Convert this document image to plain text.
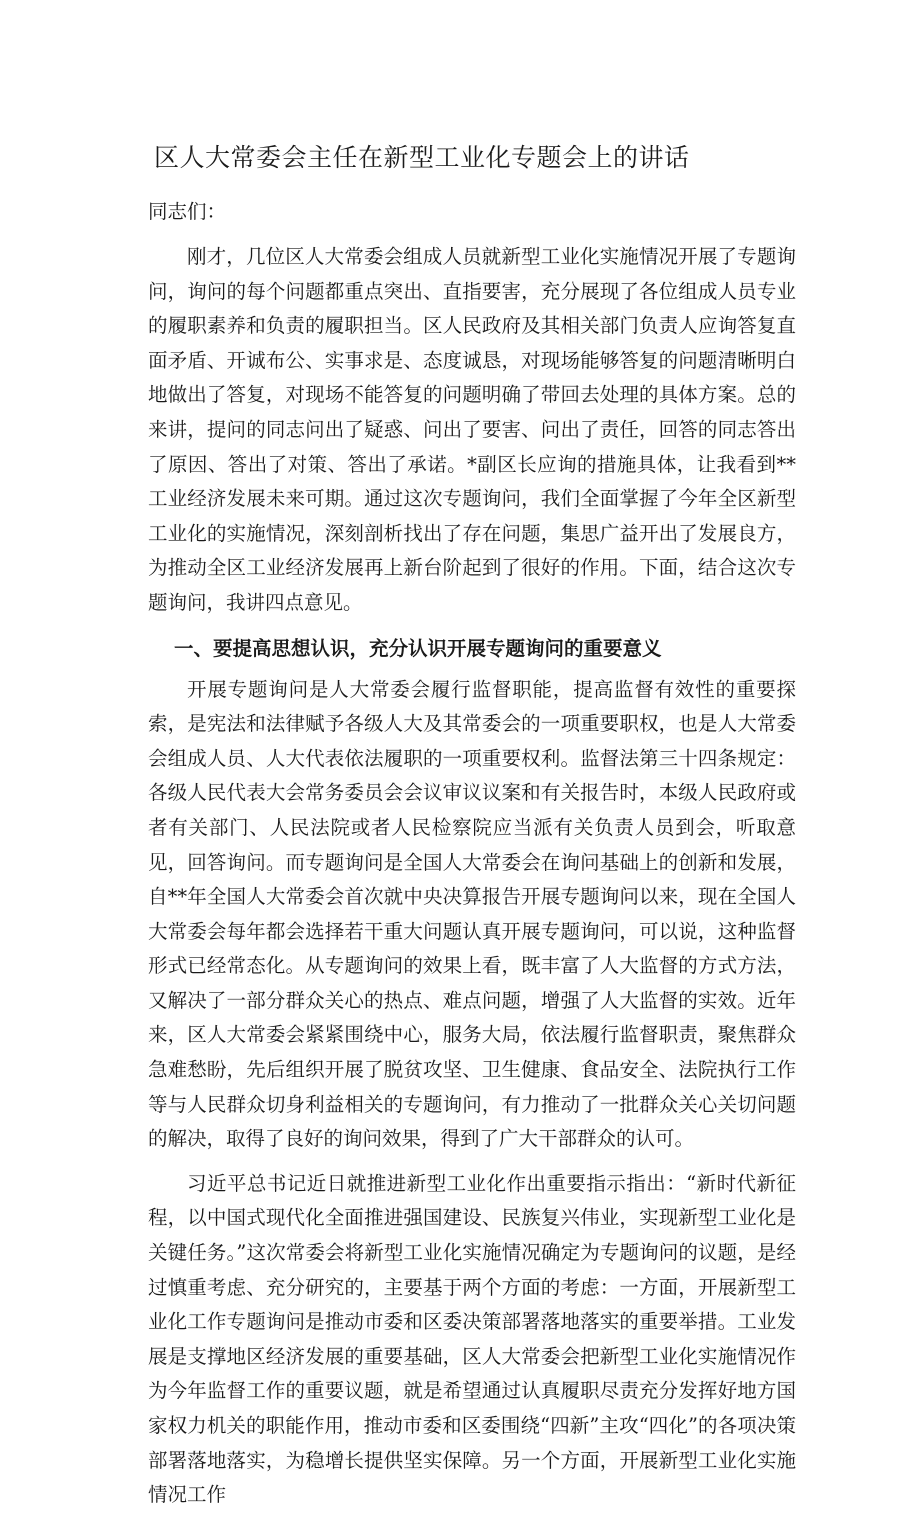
区人大常委会主任在新型工业化专题会上的讲话

同志们：

刚才，几位区人大常委会组成人员就新型工业化实施情况开展了专题询问，询问的每个问题都重点突出、直指要害，充分展现了各位组成人员专业的履职素养和负责的履职担当。区人民政府及其相关部门负责人应询答复直面矛盾、开诚布公、实事求是、态度诚恳，对现场能够答复的问题清晰明白地做出了答复，对现场不能答复的问题明确了带回去处理的具体方案。总的来讲，提问的同志问出了疑惑、问出了要害、问出了责任，回答的同志答出了原因、答出了对策、答出了承诺。*副区长应询的措施具体，让我看到**工业经济发展未来可期。通过这次专题询问，我们全面掌握了今年全区新型工业化的实施情况，深刻剖析找出了存在问题，集思广益开出了发展良方，为推动全区工业经济发展再上新台阶起到了很好的作用。下面，结合这次专题询问，我讲四点意见。

一、要提高思想认识，充分认识开展专题询问的重要意义

开展专题询问是人大常委会履行监督职能，提高监督有效性的重要探索，是宪法和法律赋予各级人大及其常委会的一项重要职权，也是人大常委会组成人员、人大代表依法履职的一项重要权利。监督法第三十四条规定：各级人民代表大会常务委员会会议审议议案和有关报告时，本级人民政府或者有关部门、人民法院或者人民检察院应当派有关负责人员到会，听取意见，回答询问。而专题询问是全国人大常委会在询问基础上的创新和发展，自**年全国人大常委会首次就中央决算报告开展专题询问以来，现在全国人大常委会每年都会选择若干重大问题认真开展专题询问，可以说，这种监督形式已经常态化。从专题询问的效果上看，既丰富了人大监督的方式方法，又解决了一部分群众关心的热点、难点问题，增强了人大监督的实效。近年来，区人大常委会紧紧围绕中心，服务大局，依法履行监督职责，聚焦群众急难愁盼，先后组织开展了脱贫攻坚、卫生健康、食品安全、法院执行工作等与人民群众切身利益相关的专题询问，有力推动了一批群众关心关切问题的解决，取得了良好的询问效果，得到了广大干部群众的认可。

习近平总书记近日就推进新型工业化作出重要指示指出：“新时代新征程，以中国式现代化全面推进强国建设、民族复兴伟业，实现新型工业化是关键任务。”这次常委会将新型工业化实施情况确定为专题询问的议题，是经过慎重考虑、充分研究的，主要基于两个方面的考虑：一方面，开展新型工业化工作专题询问是推动市委和区委决策部署落地落实的重要举措。工业发展是支撑地区经济发展的重要基础，区人大常委会把新型工业化实施情况作为今年监督工作的重要议题，就是希望通过认真履职尽责充分发挥好地方国家权力机关的职能作用，推动市委和区委围绕“四新”主攻“四化”的各项决策部署落地落实，为稳增长提供坚实保障。另一个方面，开展新型工业化实施情况工作
